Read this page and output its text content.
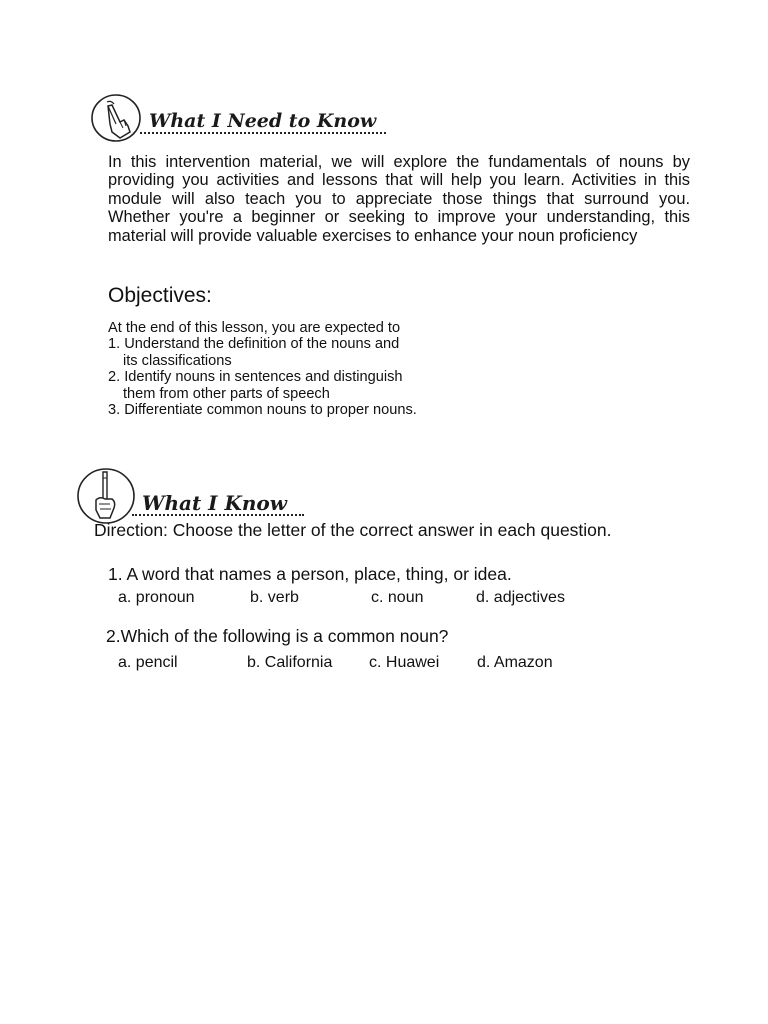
What I Need to Know

In this intervention material, we will explore the fundamentals of nouns by providing you activities and lessons that will help you learn. Activities in this module will also teach you to appreciate those things that surround you. Whether you're a beginner or seeking to improve your understanding, this material will provide valuable exercises to enhance your noun proficiency

Objectives:
At the end of this lesson, you are expected to
1. Understand the definition of the nouns and
its classifications
2. Identify nouns in sentences and distinguish
them from other parts of speech
3. Differentiate common nouns to proper nouns.
What I Know
Direction: Choose the letter of the correct answer in each question.
1. A word that names a person, place, thing, or idea.
a. pronoun	b. verb	c. noun	d. adjectives
2.Which of the following is a common noun?
a. pencil	b. California c. Huawei d. Amazon
